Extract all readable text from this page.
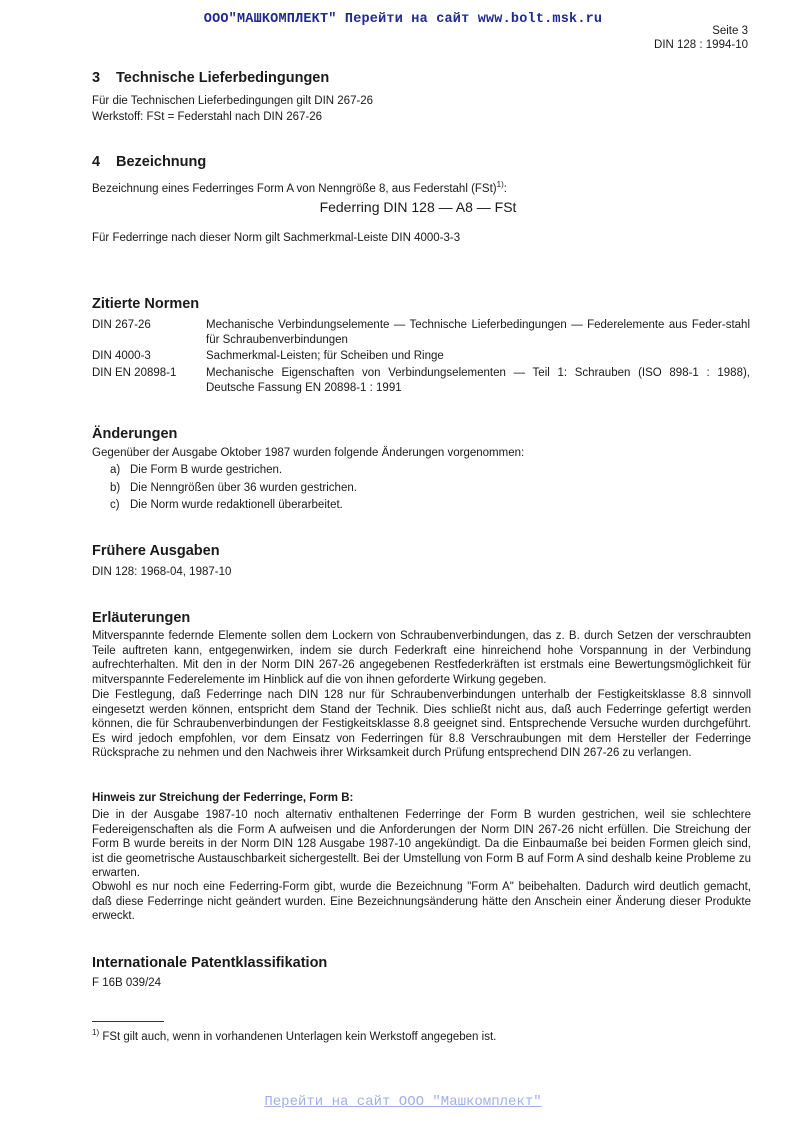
ООО"МАШКОМПЛЕКТ" Перейти на сайт www.bolt.msk.ru
Seite 3
DIN 128 : 1994-10
3 Technische Lieferbedingungen
Für die Technischen Lieferbedingungen gilt DIN 267-26
Werkstoff: FSt = Federstahl nach DIN 267-26
4 Bezeichnung
Bezeichnung eines Federringes Form A von Nenngröße 8, aus Federstahl (FSt)$^{1)}$:
Federring DIN 128 — A8 — FSt
Für Federringe nach dieser Norm gilt Sachmerkmal-Leiste DIN 4000-3-3
Zitierte Normen
DIN 267-26	Mechanische Verbindungselemente — Technische Lieferbedingungen — Federelemente aus Feder-stahl für Schraubenverbindungen
DIN 4000-3	Sachmerkmal-Leisten; für Scheiben und Ringe
DIN EN 20898-1	Mechanische Eigenschaften von Verbindungselementen — Teil 1: Schrauben (ISO 898-1 : 1988), Deutsche Fassung EN 20898-1 : 1991
Änderungen
Gegenüber der Ausgabe Oktober 1987 wurden folgende Änderungen vorgenommen:
a) Die Form B wurde gestrichen.
b) Die Nenngrößen über 36 wurden gestrichen.
c) Die Norm wurde redaktionell überarbeitet.
Frühere Ausgaben
DIN 128: 1968-04, 1987-10
Erläuterungen
Mitverspannte federnde Elemente sollen dem Lockern von Schraubenverbindungen, das z. B. durch Setzen der verschraubten Teile auftreten kann, entgegenwirken, indem sie durch Federkraft eine hinreichend hohe Vorspannung in der Verbindung aufrechterhalten. Mit den in der Norm DIN 267-26 angegebenen Restfederkräften ist erstmals eine Bewertungsmöglichkeit für mitverspannte Federelemente im Hinblick auf die von ihnen geforderte Wirkung gegeben.
Die Festlegung, daß Federringe nach DIN 128 nur für Schraubenverbindungen unterhalb der Festigkeitsklasse 8.8 sinnvoll eingesetzt werden können, entspricht dem Stand der Technik. Dies schließt nicht aus, daß auch Federringe gefertigt werden können, die für Schraubenverbindungen der Festigkeitsklasse 8.8 geeignet sind. Entsprechende Versuche wurden durchgeführt. Es wird jedoch empfohlen, vor dem Einsatz von Federringen für 8.8 Verschraubungen mit dem Hersteller der Federringe Rücksprache zu nehmen und den Nachweis ihrer Wirksamkeit durch Prüfung entsprechend DIN 267-26 zu verlangen.
Hinweis zur Streichung der Federringe, Form B:
Die in der Ausgabe 1987-10 noch alternativ enthaltenen Federringe der Form B wurden gestrichen, weil sie schlechtere Federeigenschaften als die Form A aufweisen und die Anforderungen der Norm DIN 267-26 nicht erfüllen. Die Streichung der Form B wurde bereits in der Norm DIN 128 Ausgabe 1987-10 angekündigt. Da die Einbaumaße bei beiden Formen gleich sind, ist die geometrische Austauschbarkeit sichergestellt. Bei der Umstellung von Form B auf Form A sind deshalb keine Probleme zu erwarten.
Obwohl es nur noch eine Federring-Form gibt, wurde die Bezeichnung "Form A" beibehalten. Dadurch wird deutlich gemacht, daß diese Federringe nicht geändert wurden. Eine Bezeichnungsänderung hätte den Anschein einer Änderung dieser Produkte erweckt.
Internationale Patentklassifikation
F 16B 039/24
$^{1)}$ FSt gilt auch, wenn in vorhandenen Unterlagen kein Werkstoff angegeben ist.
Перейти на сайт ООО "Машкомплект"
